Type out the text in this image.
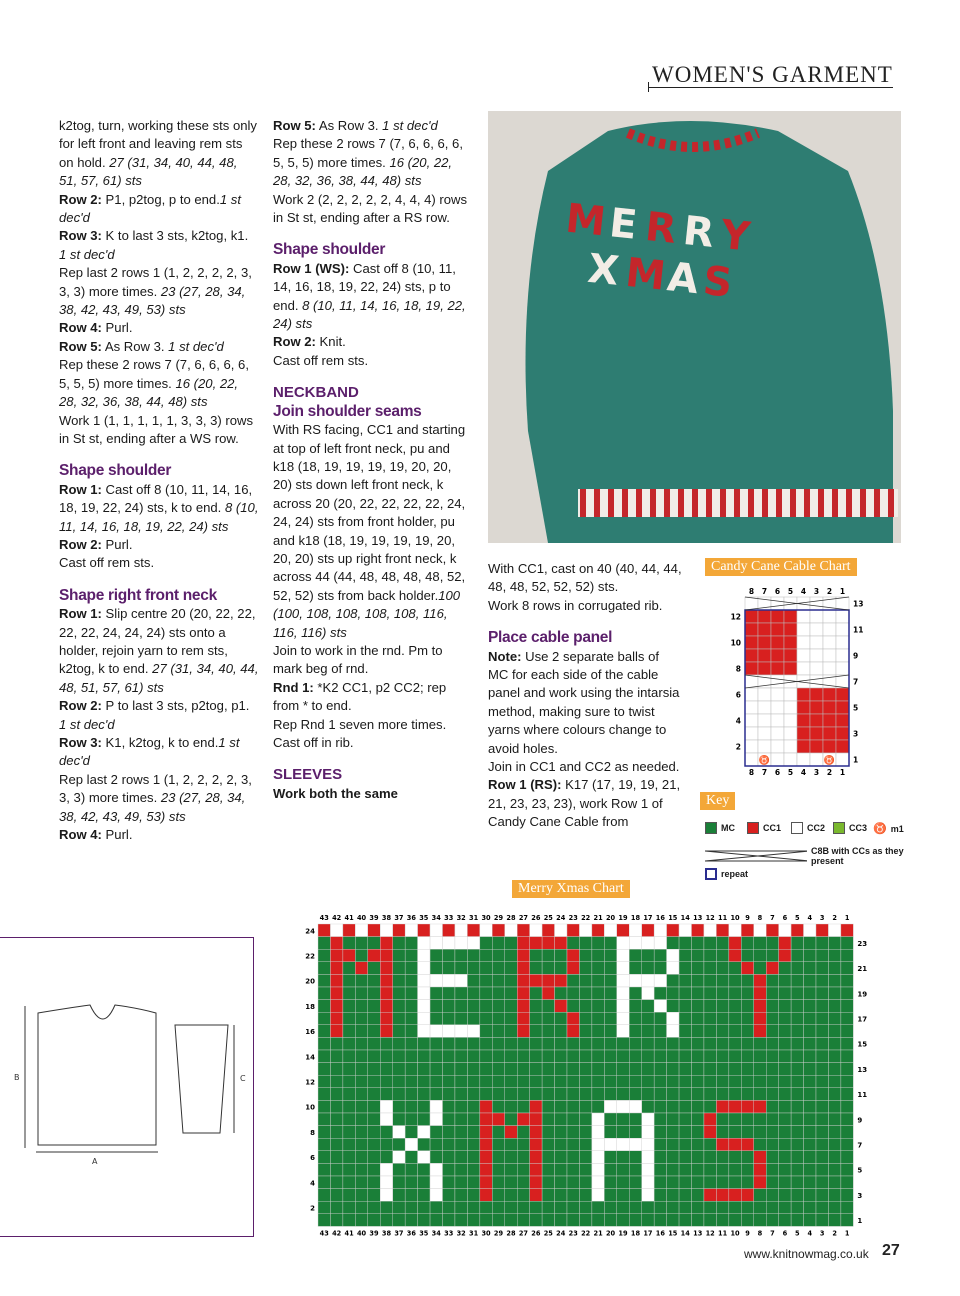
WOMEN'S GARMENT

k2tog, turn, working these sts only for left front and leaving rem sts on hold. 27 (31, 34, 40, 44, 48, 51, 57, 61) sts

Row 2: P1, p2tog, p to end.1 st dec'd

Row 3: K to last 3 sts, k2tog, k1. 1 st dec'd

Rep last 2 rows 1 (1, 2, 2, 2, 2, 3, 3, 3) more times. 23 (27, 28, 34, 38, 42, 43, 49, 53) sts

Row 4: Purl.

Row 5: As Row 3. 1 st dec'd

Rep these 2 rows 7 (7, 6, 6, 6, 6, 5, 5, 5) more times. 16 (20, 22, 28, 32, 36, 38, 44, 48) sts

Work 1 (1, 1, 1, 1, 1, 3, 3, 3) rows in St st, ending after a WS row.

Shape shoulder

Row 1: Cast off 8 (10, 11, 14, 16, 18, 19, 22, 24) sts, k to end. 8 (10, 11, 14, 16, 18, 19, 22, 24) sts

Row 2: Purl.

Cast off rem sts.

Shape right front neck

Row 1: Slip centre 20 (20, 22, 22, 22, 22, 24, 24, 24) sts onto a holder, rejoin yarn to rem sts, k2tog, k to end. 27 (31, 34, 40, 44, 48, 51, 57, 61) sts

Row 2: P to last 3 sts, p2tog, p1. 1 st dec'd

Row 3: K1, k2tog, k to end.1 st dec'd

Rep last 2 rows 1 (1, 2, 2, 2, 2, 3, 3, 3) more times. 23 (27, 28, 34, 38, 42, 43, 49, 53) sts

Row 4: Purl.

Row 5: As Row 3. 1 st dec'd

Rep these 2 rows 7 (7, 6, 6, 6, 6, 5, 5, 5) more times. 16 (20, 22, 28, 32, 36, 38, 44, 48) sts

Work 2 (2, 2, 2, 2, 2, 4, 4, 4) rows in St st, ending after a RS row.

Shape shoulder

Row 1 (WS): Cast off 8 (10, 11, 14, 16, 18, 19, 22, 24) sts, p to end. 8 (10, 11, 14, 16, 18, 19, 22, 24) sts

Row 2: Knit.

Cast off rem sts.

NECKBAND

Join shoulder seams

With RS facing, CC1 and starting at top of left front neck, pu and k18 (18, 19, 19, 19, 19, 20, 20, 20) sts down left front neck, k across 20 (20, 22, 22, 22, 22, 24, 24, 24) sts from front holder, pu and k18 (18, 19, 19, 19, 19, 20, 20, 20) sts up right front neck, k across 44 (44, 48, 48, 48, 48, 52, 52, 52) sts from back holder.100 (100, 108, 108, 108, 108, 116, 116, 116) sts

Join to work in the rnd. Pm to mark beg of rnd.

Rnd 1: *K2 CC1, p2 CC2; rep from * to end.

Rep Rnd 1 seven more times.

Cast off in rib.

SLEEVES

Work both the same

With CC1, cast on 40 (40, 44, 44, 48, 48, 52, 52, 52) sts.

Work 8 rows in corrugated rib.

Place cable panel

Note: Use 2 separate balls of MC for each side of the cable panel and work using the intarsia method, making sure to twist yarns where colours change to avoid holes.

Join in CC1 and CC2 as needed.

Row 1 (RS): K17 (17, 19, 19, 21, 21, 23, 23, 23), work Row 1 of Candy Cane Cable from

M E R R Y
X M
A S
Candy Cane Cable Chart
8
8
7
7
6
6
5
5
4
4
3
3
2
2
1
1
1
2
3
4
5
6
7
8
9
10
11
12
13
♉	♉
Key
MC	CC1	CC2	CC3 ♉ m1
C8B with CCs as they present
repeat
Merry Xmas Chart
43
43
42
42
41
41
40
40
39
39
38
38
37
37
36
36
35
35
34
34
33
33
32
32
31
31
30
30
29
29
28
28
27
27
26
26
25
25
24
24
23
23
22
22
21
21
20
20
19
19
18
18
17
17
16
16
15
15
14
14
13
13
12
12
11
11
10
10
9
9
8
8
7
7
6
6
5
5
4
4
3
3
2
2
1
1
1
2
3
4
5
6
7
8
9
10
11
12
13
14
15
16
17
18
19
20
21
22
23
24
B
A
C
www.knitnowmag.co.uk 27
